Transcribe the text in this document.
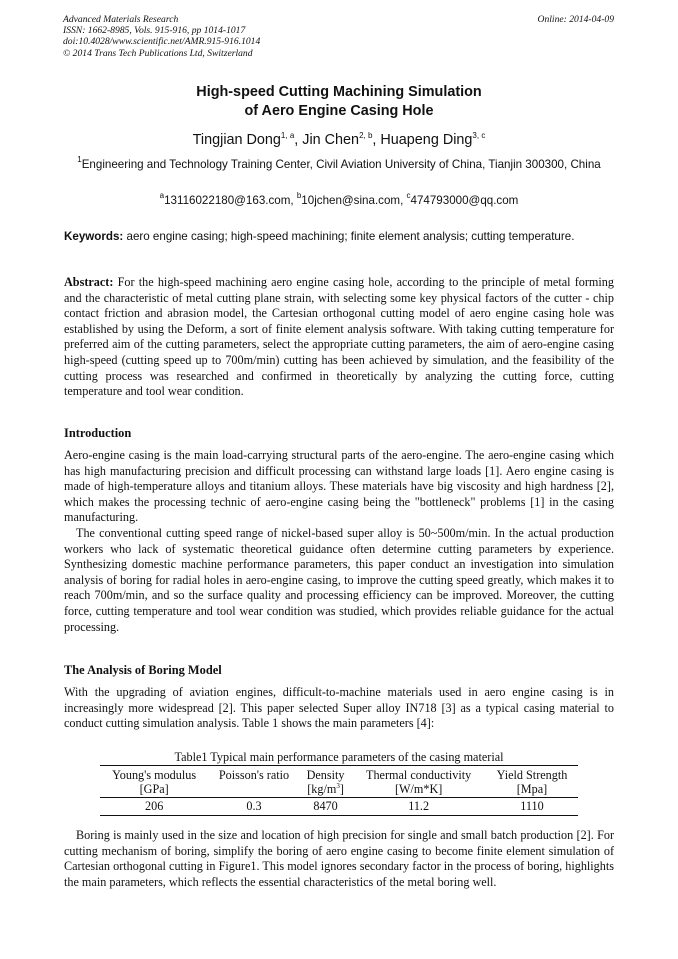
Advanced Materials Research
ISSN: 1662-8985, Vols. 915-916, pp 1014-1017
doi:10.4028/www.scientific.net/AMR.915-916.1014
© 2014 Trans Tech Publications Ltd, Switzerland
Online: 2014-04-09
High-speed Cutting Machining Simulation
of Aero Engine Casing Hole
Tingjian Dong$^{1, a}$, Jin Chen$^{2, b}$, Huapeng Ding$^{3, c}$
$^1$Engineering and Technology Training Center, Civil Aviation University of China, Tianjin 300300, China
$^a$13116022180@163.com, $^b$10jchen@sina.com, $^c$474793000@qq.com
Keywords: aero engine casing; high-speed machining; finite element analysis; cutting temperature.

Abstract: For the high-speed machining aero engine casing hole, according to the principle of metal forming and the characteristic of metal cutting plane strain, with selecting some key physical factors of the cutter - chip contact friction and abrasion model, the Cartesian orthogonal cutting model of aero engine casing hole was established by using the Deform, a sort of finite element analysis software. With taking cutting temperature for preferred aim of the cutting parameters, select the appropriate cutting parameters, the aim of aero-engine casing high-speed (cutting speed up to 700m/min) cutting has been achieved by simulation, and the feasibility of the cutting process was researched and confirmed in theoretically by analyzing the cutting force, cutting temperature and tool wear condition.

Introduction

Aero-engine casing is the main load-carrying structural parts of the aero-engine. The aero-engine casing which has high manufacturing precision and difficult processing can withstand large loads [1]. Aero engine casing is made of high-temperature alloys and titanium alloys. These materials have big viscosity and high hardness [2], which makes the processing technic of aero-engine casing being the "bottleneck" problems [1] in the casing manufacturing.

The conventional cutting speed range of nickel-based super alloy is 50~500m/min. In the actual production workers who lack of systematic theoretical guidance often determine cutting parameters by experience. Synthesizing domestic machine performance parameters, this paper conduct an investigation into simulation analysis of boring for radial holes in aero-engine casing, to improve the cutting speed greatly, which makes it to reach 700m/min, and so the surface quality and processing efficiency can be improved. Moreover, the cutting force, cutting temperature and tool wear condition was studied, which provides reliable guidance for the actual processing.

The Analysis of Boring Model

With the upgrading of aviation engines, difficult-to-machine materials used in aero engine casing is in increasingly more widespread [2]. This paper selected Super alloy IN718 [3] as a typical casing material to conduct cutting simulation analysis. Table 1 shows the main parameters [4]:

Table1 Typical main performance parameters of the casing material
Young's modulus	Poisson's ratio	Density	Thermal conductivity	Yield Strength
[GPa]		$[kg/m^3]$	[W/m*K]	[Mpa]
206	0.3	8470	11.2	1110

Boring is mainly used in the size and location of high precision for single and small batch production [2]. For cutting mechanism of boring, simplify the boring of aero engine casing to become finite element simulation of Cartesian orthogonal cutting in Figure1. This model ignores secondary factor in the process of boring, highlights the main parameters, which reflects the essential characteristics of the metal boring well.
